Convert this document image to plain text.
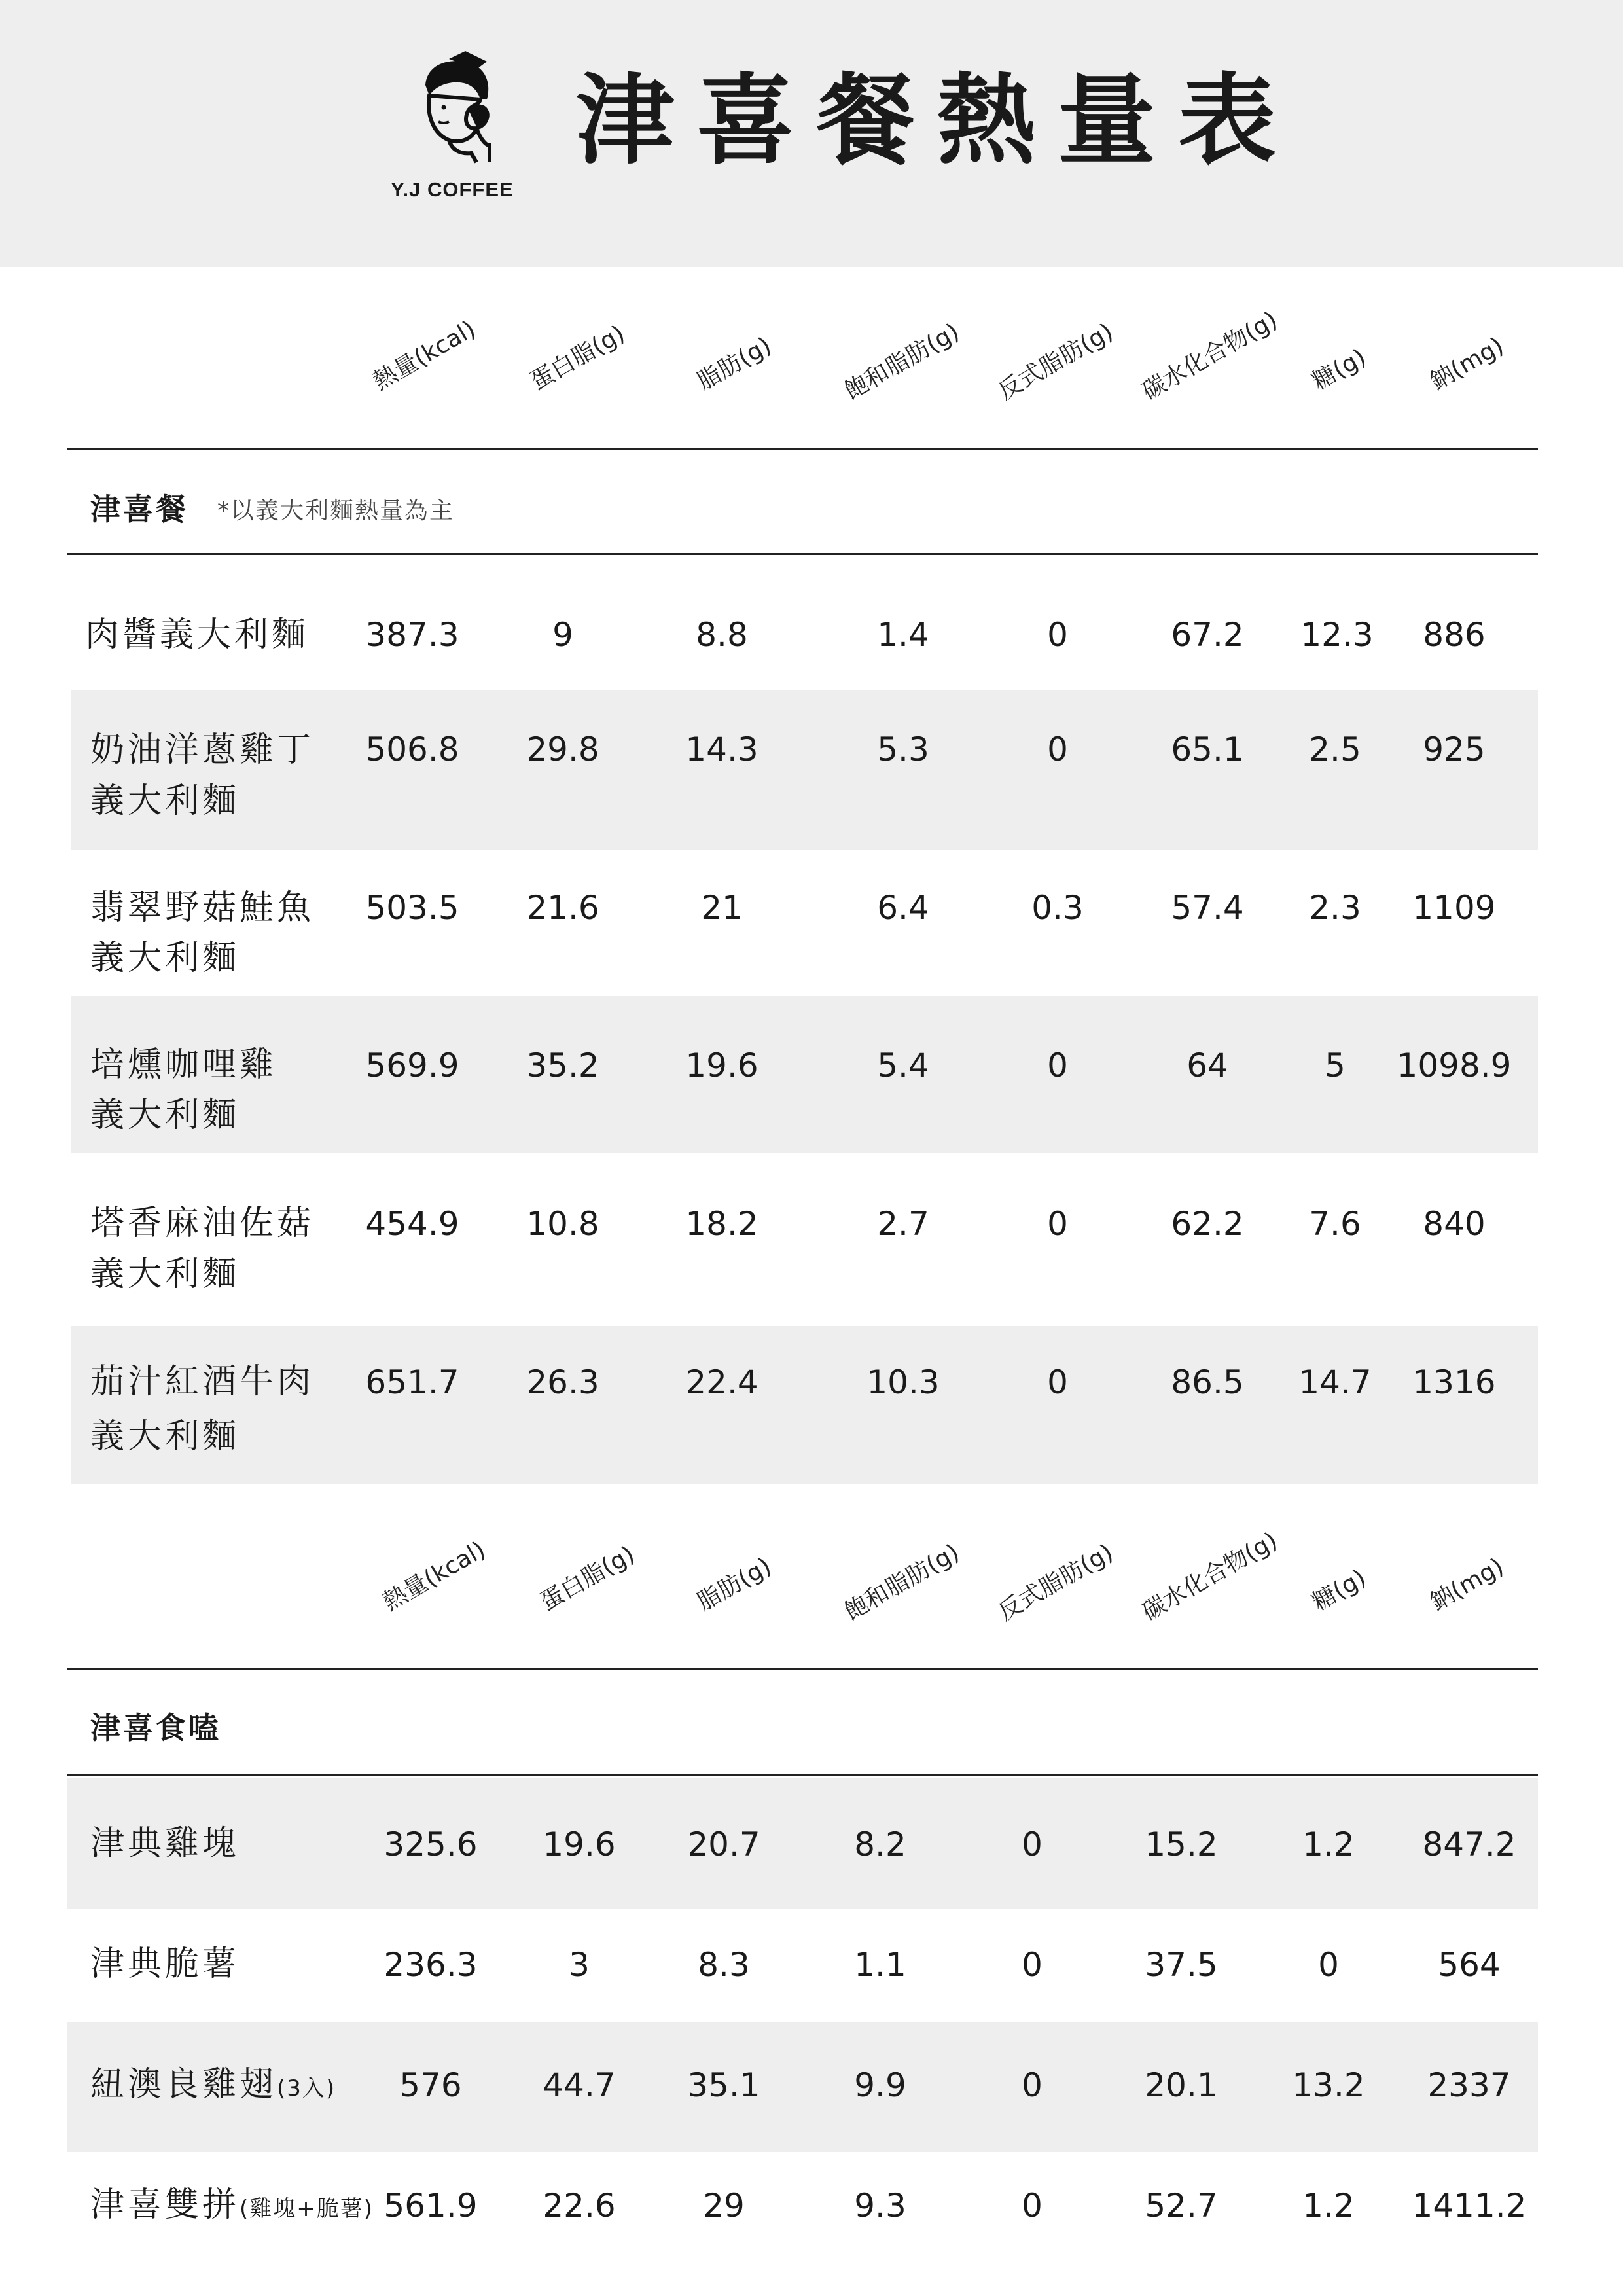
Y.J COFFEE
津喜餐熱量表
熱量(kcal) 蛋白脂(g)	脂肪(g)	飽和脂肪(g) 反式脂肪(g) 碳水化合物(g) 糖(g) 鈉(mg)
津喜餐 *以義大利麵熱量為主
肉醬義大利麵	387.3	9	8.8	1.4	0	67.2	12.3	886
奶油洋蔥雞丁
義大利麵
506.8	29.8	14.3	5.3	0	65.1	2.5	925
翡翠野菇鮭魚
義大利麵
503.5	21.6	21	6.4	0.3	57.4	2.3	1109
培燻咖哩雞
義大利麵
569.9	35.2	19.6	5.4	0	64	5	1098.9
塔香麻油佐菇
義大利麵
454.9	10.8	18.2	2.7	0	62.2	7.6	840
茄汁紅酒牛肉
義大利麵
651.7	26.3	22.4	10.3	0	86.5	14.7	1316
熱量(kcal) 蛋白脂(g) 脂肪(g)	飽和脂肪(g) 反式脂肪(g) 碳水化合物(g) 糖(g) 鈉(mg)
津喜食嗑
津典雞塊	325.6	19.6	20.7	8.2	0	15.2	1.2	847.2
津典脆薯	236.3	3	8.3	1.1	0	37.5	0	564
紐澳良雞翅(3入)	576	44.7	35.1	9.9	0	20.1	13.2	2337
津喜雙拼(雞塊+脆薯) 561.9	22.6	29	9.3	0	52.7	1.2	1411.2
